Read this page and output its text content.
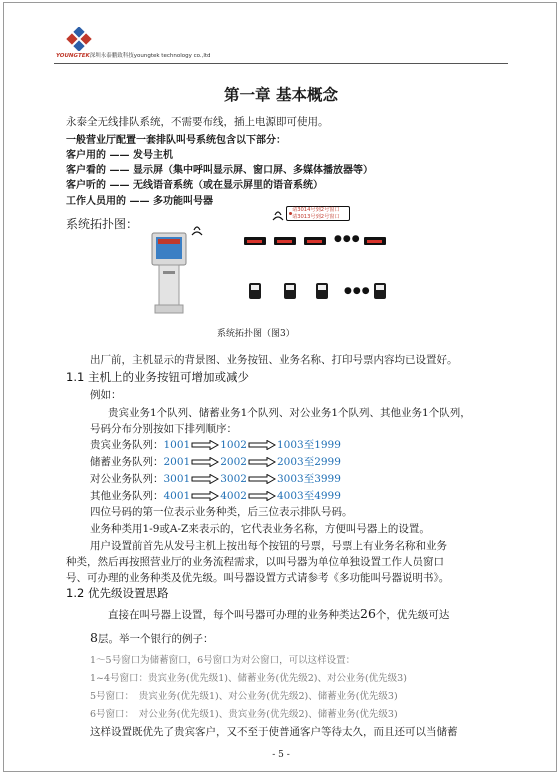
YOUNGTEK深圳永泰鹏致科技youngtek technology co.,ltd
第一章 基本概念
永泰全无线排队系统，不需要布线，插上电源即可使用。
一般营业厅配置一套排队叫号系统包含以下部分：
客户用的 —— 发号主机
客户看的 —— 显示屏（集中呼叫显示屏、窗口屏、多媒体播放器等）
客户听的 —— 无线语音系统（或在显示屏里的语音系统）
工作人员用的 —— 多功能叫号器
系统拓扑图：
请3014号到2号窗口
请3013号到2号窗口
●●●
●●●
系统拓扑图（图3）
出厂前，主机显示的背景图、业务按钮、业务名称、打印号票内容均已设置好。
1.1 主机上的业务按钮可增加或减少
例如：
贵宾业务1个队列、储蓄业务1个队列、对公业务1个队列、其他业务1个队列，
号码分布分别按如下排列顺序：
贵宾业务队列：1001	1002	1003至1999
储蓄业务队列：2001	2002	2003至2999
对公业务队列：3001	3002	3003至3999
其他业务队列：4001	4002	4003至4999
四位号码的第一位表示业务种类，后三位表示排队号码。
业务种类用1-9或A-Z来表示的，它代表业务名称，方便叫号器上的设置。
用户设置前首先从发号主机上按出每个按钮的号票，号票上有业务名称和业务
种类，然后再按照营业厅的业务流程需求，以叫号器为单位单独设置工作人员窗口
号、可办理的业务种类及优先级。叫号器设置方式请参考《多功能叫号器说明书》。
1.2 优先级设置思路
直接在叫号器上设置，每个叫号器可办理的业务种类达26个，优先级可达
8层。举一个银行的例子：
1～5号窗口为储蓄窗口，6号窗口为对公窗口，可以这样设置：
1~4号窗口：贵宾业务(优先级1)、储蓄业务(优先级2)、对公业务(优先级3)
5号窗口：　贵宾业务(优先级1)、对公业务(优先级2)、储蓄业务(优先级3)
6号窗口：　对公业务(优先级1)、贵宾业务(优先级2)、储蓄业务(优先级3)
这样设置既优先了贵宾客户，又不至于使普通客户等待太久，而且还可以当储蓄
- 5 -
